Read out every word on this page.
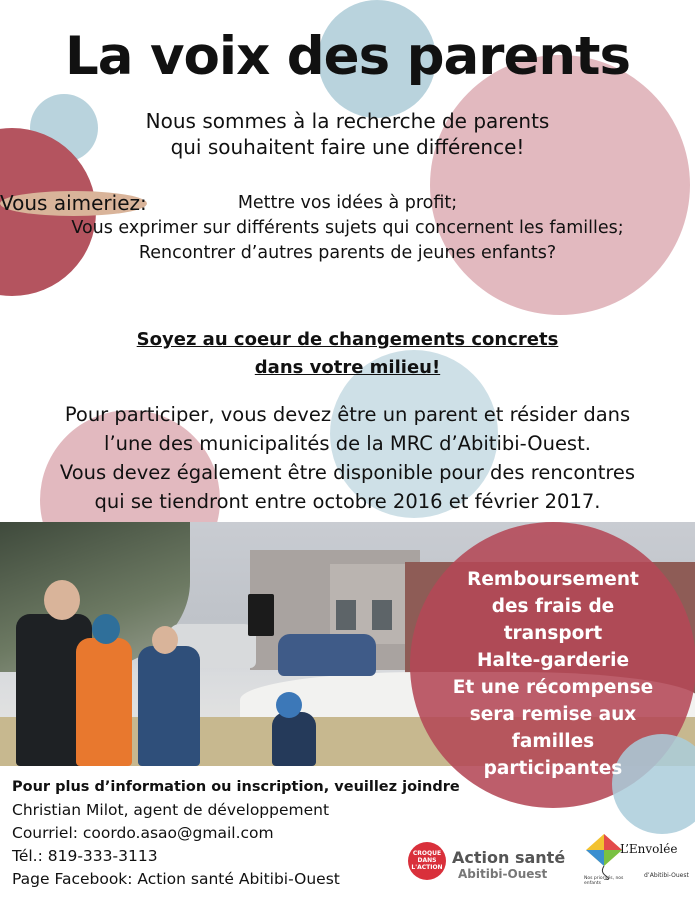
La voix des parents
Nous sommes à la recherche de parents
qui souhaitent faire une différence!
Vous aimeriez:	Mettre vos idées à profit;
Vous exprimer sur différents sujets qui concernent les familles;
Rencontrer d’autres parents de jeunes enfants?
Soyez au coeur de changements concrets
dans votre milieu!
Pour participer, vous devez être un parent et résider dans
l’une des municipalités de la MRC d’Abitibi-Ouest.
Vous devez également être disponible pour des rencontres
qui se tiendront entre octobre 2016 et février 2017.
Remboursement
des frais de
transport
Halte-garderie
Et une récompense
sera remise aux
familles
participantes
Pour plus d’information ou inscription, veuillez joindre
Christian Milot, agent de développement
Courriel: coordo.asao@gmail.com
Tél.: 819-333-3113
Page Facebook: Action santé Abitibi-Ouest
CROQUE DANS L'ACTION
Action santé
Abitibi-Ouest
L’Envolée
d’Abitibi-Ouest
Nos priorités, nos enfants
